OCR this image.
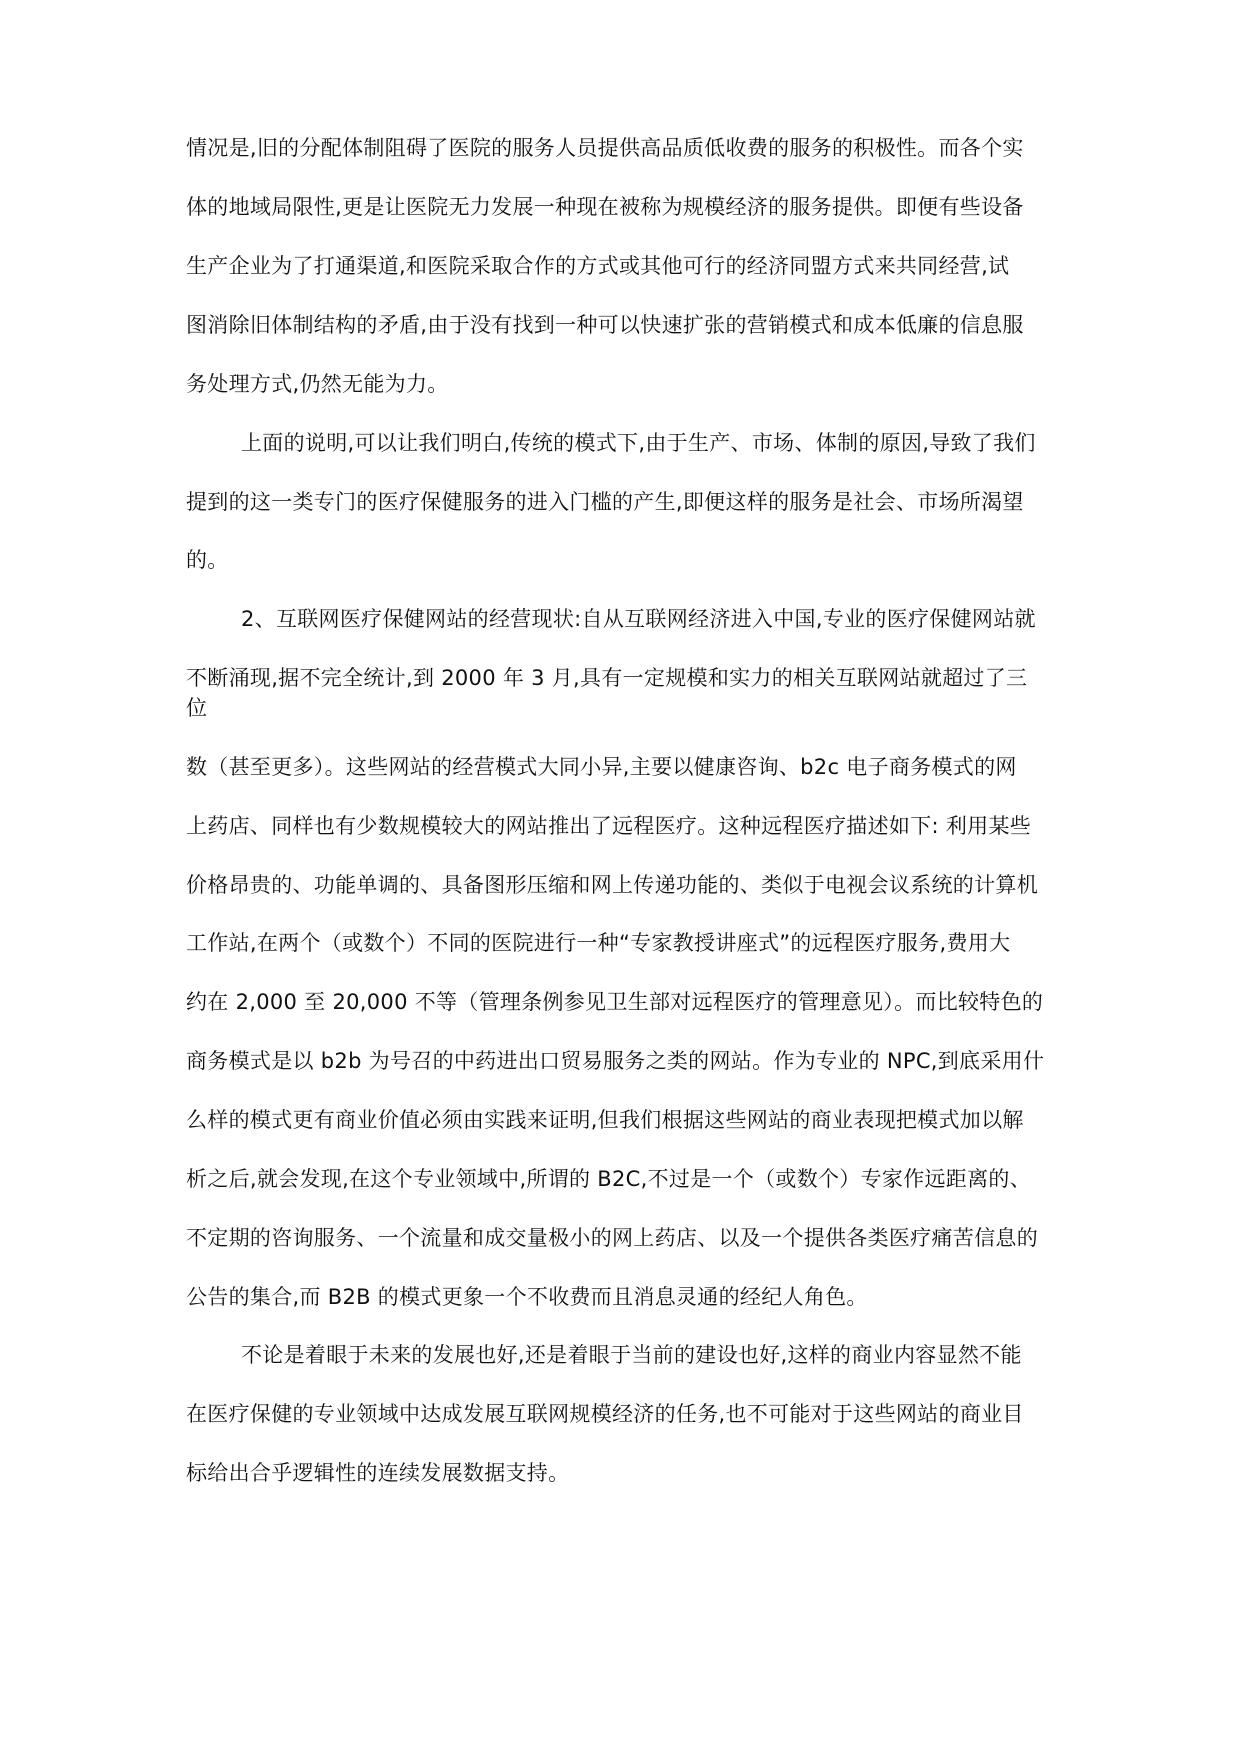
情况是,旧的分配体制阻碍了医院的服务人员提供高品质低收费的服务的积极性。而各个实
体的地域局限性,更是让医院无力发展一种现在被称为规模经济的服务提供。即便有些设备
生产企业为了打通渠道,和医院采取合作的方式或其他可行的经济同盟方式来共同经营,试
图消除旧体制结构的矛盾,由于没有找到一种可以快速扩张的营销模式和成本低廉的信息服
务处理方式,仍然无能为力。
上面的说明,可以让我们明白,传统的模式下,由于生产、市场、体制的原因,导致了我们
提到的这一类专门的医疗保健服务的进入门槛的产生,即便这样的服务是社会、市场所渴望
的。
2、互联网医疗保健网站的经营现状:自从互联网经济进入中国,专业的医疗保健网站就
不断涌现,据不完全统计,到 2000 年 3 月,具有一定规模和实力的相关互联网站就超过了三
位
数（甚至更多）。这些网站的经营模式大同小异,主要以健康咨询、b2c 电子商务模式的网
上药店、同样也有少数规模较大的网站推出了远程医疗。这种远程医疗描述如下: 利用某些
价格昂贵的、功能单调的、具备图形压缩和网上传递功能的、类似于电视会议系统的计算机
工作站,在两个（或数个）不同的医院进行一种“专家教授讲座式”的远程医疗服务,费用大
约在 2,000 至 20,000 不等（管理条例参见卫生部对远程医疗的管理意见）。而比较特色的
商务模式是以 b2b 为号召的中药进出口贸易服务之类的网站。作为专业的 NPC,到底采用什
么样的模式更有商业价值必须由实践来证明,但我们根据这些网站的商业表现把模式加以解
析之后,就会发现,在这个专业领域中,所谓的 B2C,不过是一个（或数个）专家作远距离的、
不定期的咨询服务、一个流量和成交量极小的网上药店、以及一个提供各类医疗痛苦信息的
公告的集合,而 B2B 的模式更象一个不收费而且消息灵通的经纪人角色。
不论是着眼于未来的发展也好,还是着眼于当前的建设也好,这样的商业内容显然不能
在医疗保健的专业领域中达成发展互联网规模经济的任务,也不可能对于这些网站的商业目
标给出合乎逻辑性的连续发展数据支持。
